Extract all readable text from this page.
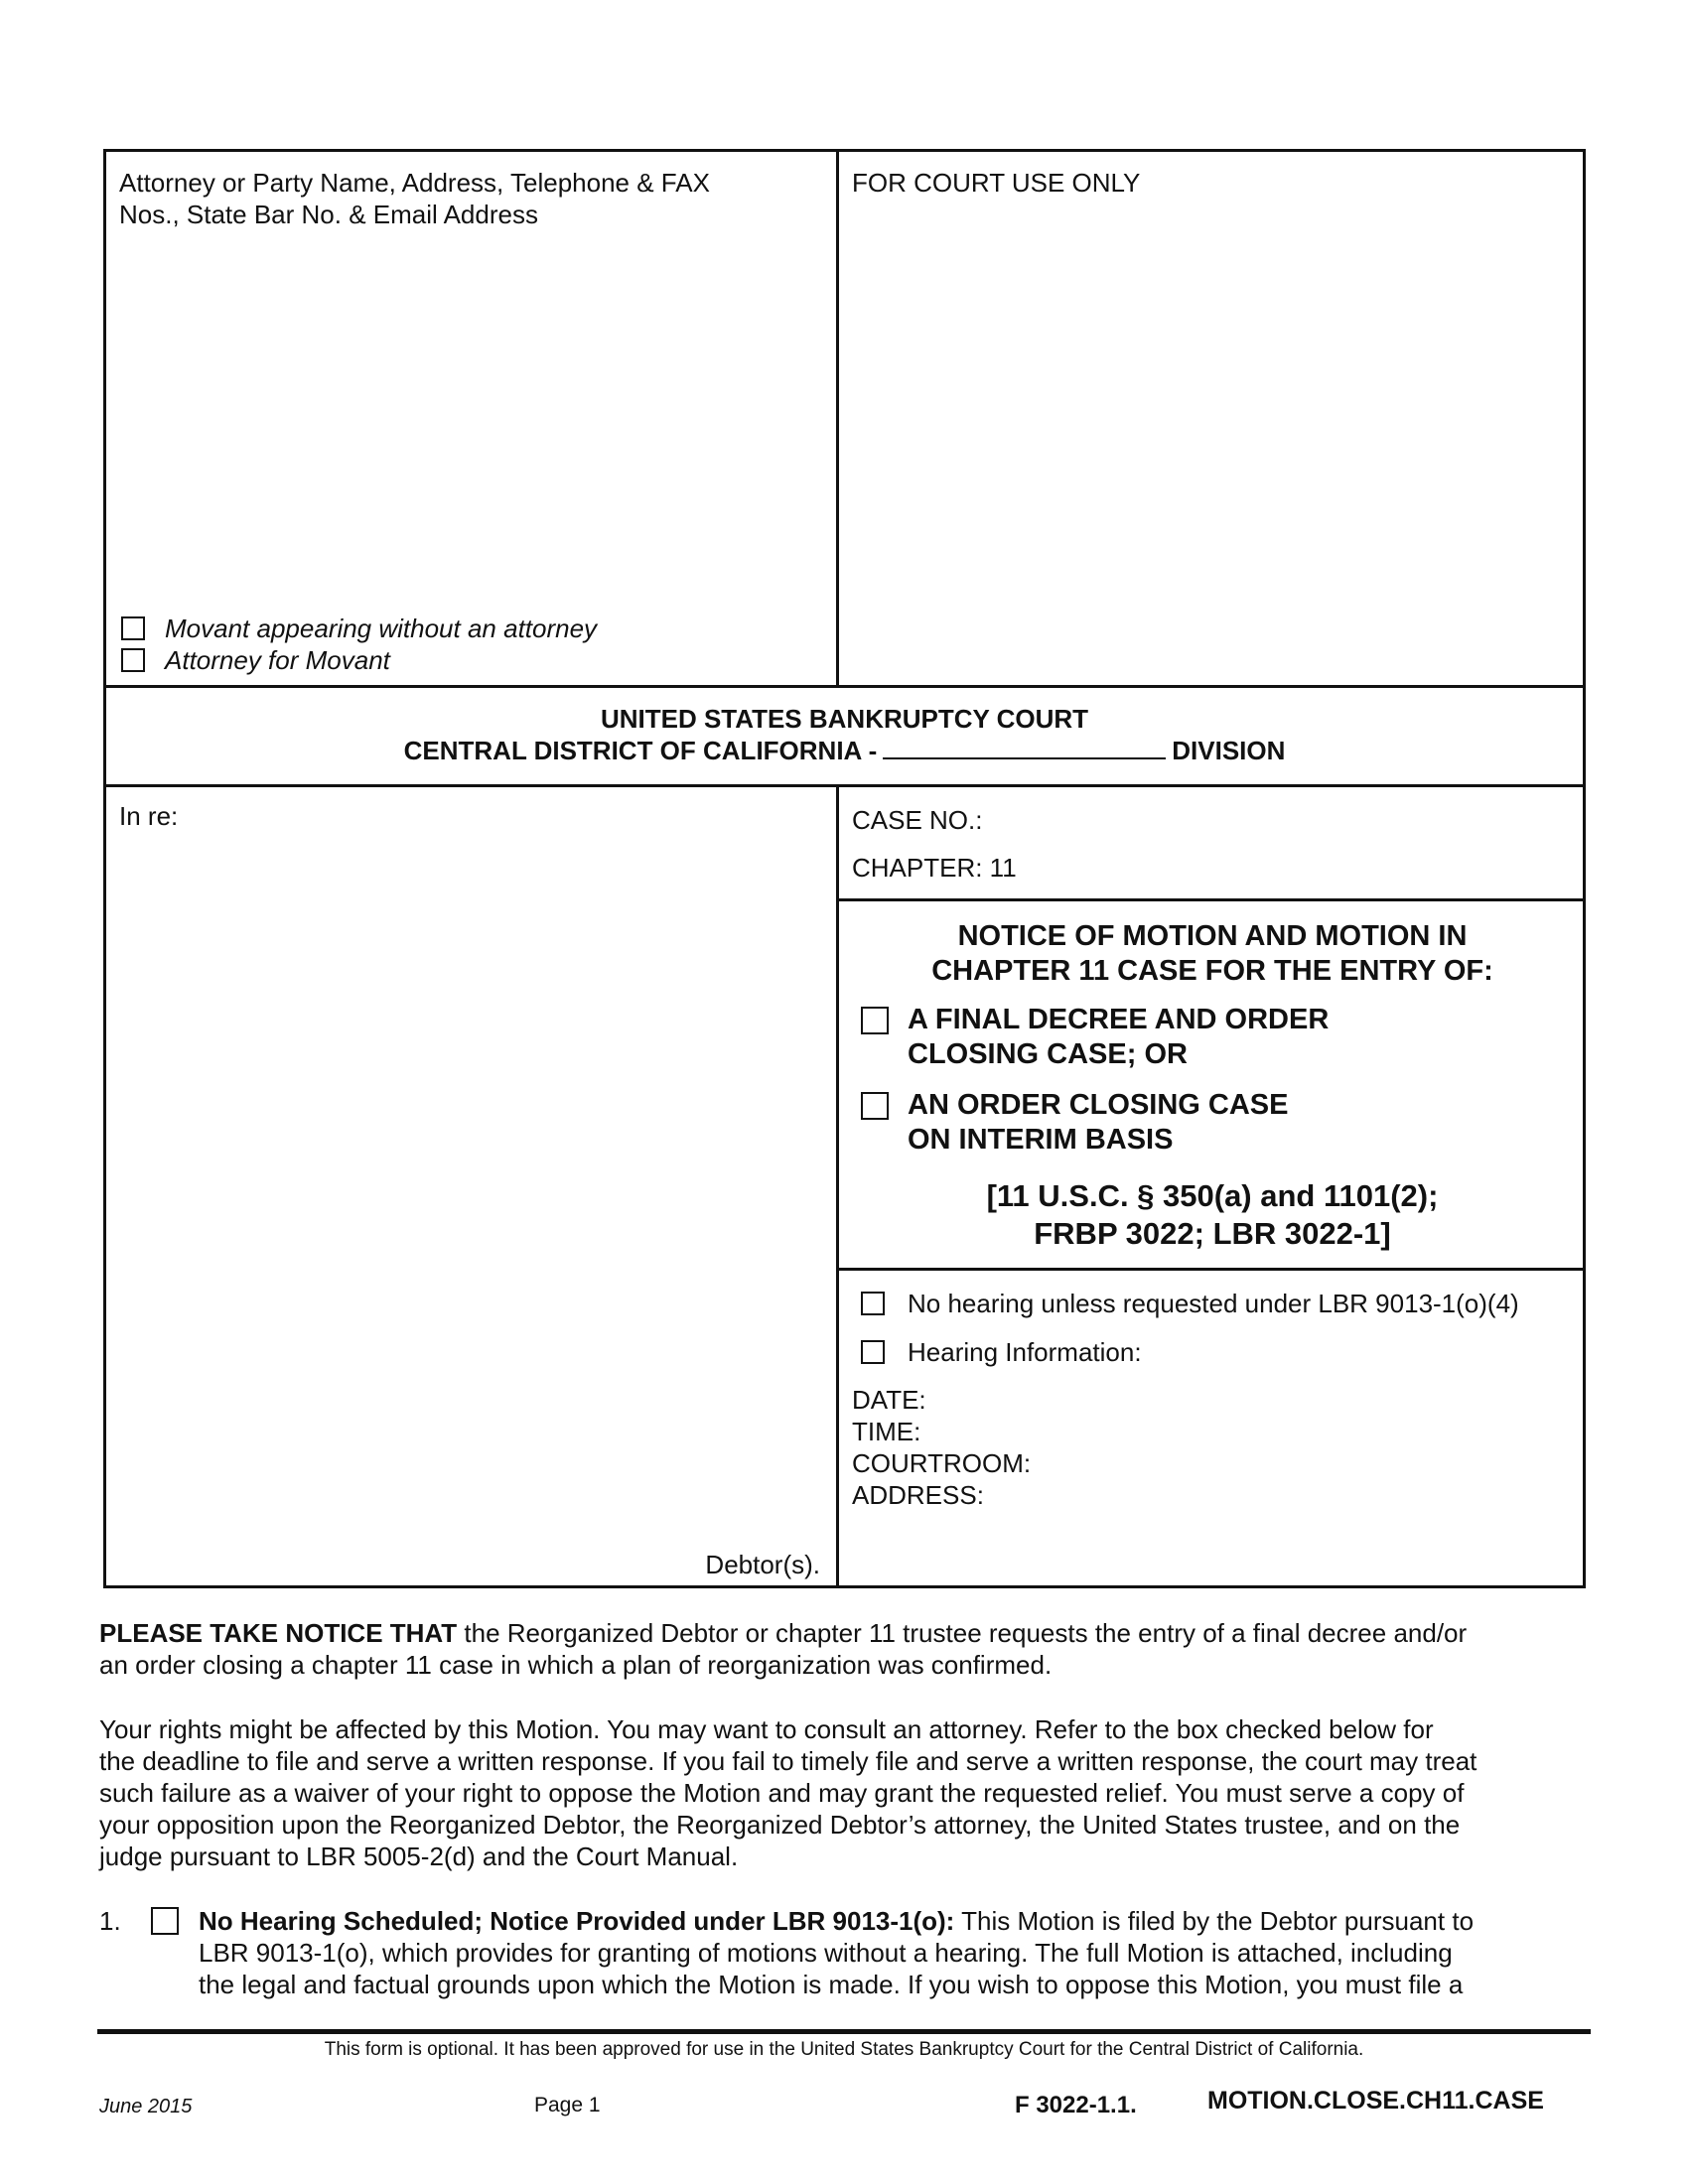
Attorney or Party Name, Address, Telephone & FAX
Nos., State Bar No. & Email Address
FOR COURT USE ONLY
Movant appearing without an attorney
Attorney for Movant
UNITED STATES BANKRUPTCY COURT
CENTRAL DISTRICT OF CALIFORNIA -	DIVISION
In re:
Debtor(s).
CASE NO.:
CHAPTER: 11
NOTICE OF MOTION AND MOTION IN
CHAPTER 11 CASE FOR THE ENTRY OF:
A FINAL DECREE AND ORDER
CLOSING CASE; OR
AN ORDER CLOSING CASE
ON INTERIM BASIS
[11 U.S.C. § 350(a) and 1101(2);
FRBP 3022; LBR 3022-1]
No hearing unless requested under LBR 9013-1(o)(4)
Hearing Information:
DATE:
TIME:
COURTROOM:
ADDRESS:
PLEASE TAKE NOTICE THAT the Reorganized Debtor or chapter 11 trustee requests the entry of a final decree and/or
an order closing a chapter 11 case in which a plan of reorganization was confirmed.
Your rights might be affected by this Motion. You may want to consult an attorney. Refer to the box checked below for
the deadline to file and serve a written response. If you fail to timely file and serve a written response, the court may treat
such failure as a waiver of your right to oppose the Motion and may grant the requested relief. You must serve a copy of
your opposition upon the Reorganized Debtor, the Reorganized Debtor’s attorney, the United States trustee, and on the
judge pursuant to LBR 5005-2(d) and the Court Manual.
1.	No Hearing Scheduled; Notice Provided under LBR 9013-1(o): This Motion is filed by the Debtor pursuant to
LBR 9013-1(o), which provides for granting of motions without a hearing. The full Motion is attached, including
the legal and factual grounds upon which the Motion is made. If you wish to oppose this Motion, you must file a
This form is optional. It has been approved for use in the United States Bankruptcy Court for the Central District of California.
June 2015	Page 1	F 3022-1.1.	MOTION.CLOSE.CH11.CASE
